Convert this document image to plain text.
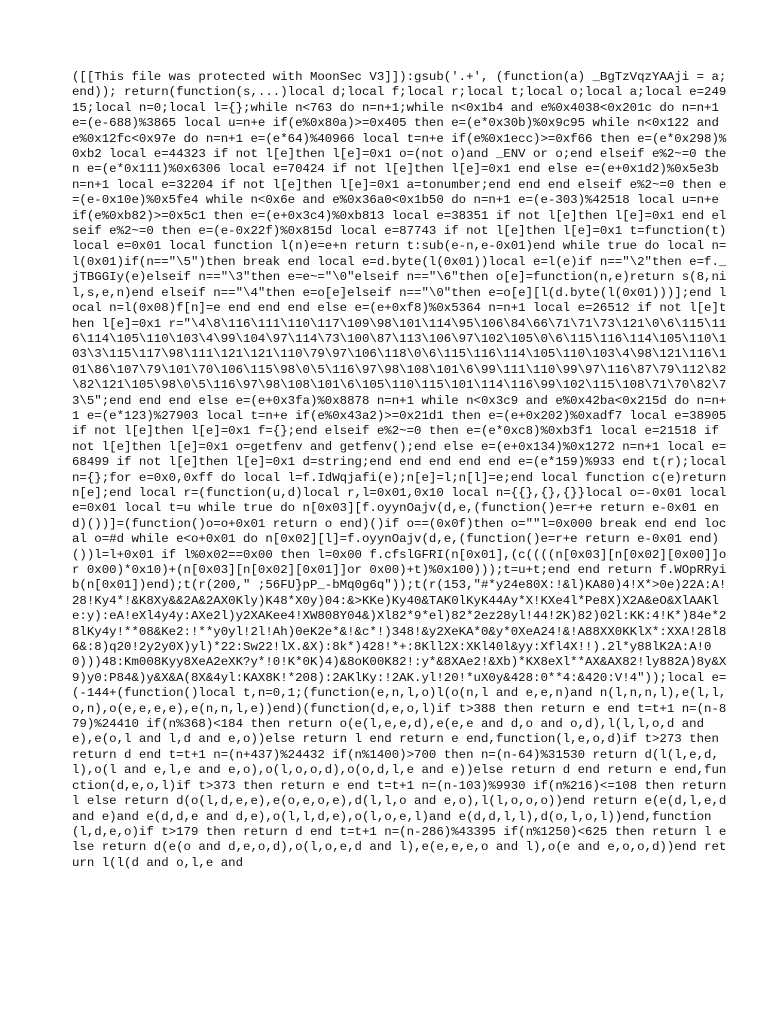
([[This file was protected with MoonSec V3]]):gsub('.+', (function(a) _BgTzVqzYAAji = a; end)); return(function(s,...)local d;local f;local r;local t;local o;local a;local e=24915;local n=0;local l={};while n<763 do n=n+1;while n<0x1b4 and e%0x4038<0x201c do n=n+1 e=(e-688)%3865 local u=n+e if(e%0x80a)>=0x405 then e=(e*0x30b)%0x9c95 while n<0x122 and e%0x12fc<0x97e do n=n+1 e=(e*64)%40966 local t=n+e if(e%0x1ecc)>=0xf66 then e=(e*0x298)%0xb2 local e=44323 if not l[e]then l[e]=0x1 o=(not o)and _ENV or o;end elseif e%2~=0 then e=(e*0x111)%0x6306 local e=70424 if not l[e]then l[e]=0x1 end else e=(e+0x1d2)%0x5e3b n=n+1 local e=32204 if not l[e]then l[e]=0x1 a=tonumber;end end end elseif e%2~=0 then e=(e-0x10e)%0x5fe4 while n<0x6e and e%0x36a0<0x1b50 do n=n+1 e=(e-303)%42518 local u=n+e if(e%0xb82)>=0x5c1 then e=(e+0x3c4)%0xb813 local e=38351 if not l[e]then l[e]=0x1 end elseif e%2~=0 then e=(e-0x22f)%0x815d local e=87743 if not l[e]then l[e]=0x1 t=function(t)local e=0x01 local function l(n)e=e+n return t:sub(e-n,e-0x01)end while true do local n=l(0x01)if(n=="\5")then break end local e=d.byte(l(0x01))local e=l(e)if n=="\2"then e=f._jTBGGIy(e)elseif n=="\3"then e=e~="\0"elseif n=="\6"then o[e]=function(n,e)return s(8,nil,s,e,n)end elseif n=="\4"then e=o[e]elseif n=="\0"then e=o[e][l(d.byte(l(0x01)))];end local n=l(0x08)f[n]=e end end end else e=(e+0xf8)%0x5364 n=n+1 local e=26512 if not l[e]then l[e]=0x1 r="\4\8\116\111\110\117\109\98\101\114\95\106\84\66\71\71\73\121\0\6\115\116\114\105\110\103\4\99\104\97\114\73\100\87\113\106\97\102\105\0\6\115\116\114\105\110\103\3\115\117\98\111\121\121\110\79\97\106\118\0\6\115\116\114\105\110\103\4\98\121\116\101\86\107\79\101\70\106\115\98\0\5\116\97\98\108\101\6\99\111\110\99\97\116\87\79\112\82\82\121\105\98\0\5\116\97\98\108\101\6\105\110\115\101\114\116\99\102\115\108\71\70\82\73\5";end end end else e=(e+0x3fa)%0x8878 n=n+1 while n<0x3c9 and e%0x42ba<0x215d do n=n+1 e=(e*123)%27903 local t=n+e if(e%0x43a2)>=0x21d1 then e=(e+0x202)%0xadf7 local e=38905 if not l[e]then l[e]=0x1 f={};end elseif e%2~=0 then e=(e*0xc8)%0xb3f1 local e=21518 if not l[e]then l[e]=0x1 o=getfenv and getfenv();end else e=(e+0x134)%0x1272 n=n+1 local e=68499 if not l[e]then l[e]=0x1 d=string;end end end end end e=(e*159)%933 end t(r);local n={};for e=0x0,0xff do local l=f.IdWqjafi(e);n[e]=l;n[l]=e;end local function c(e)return n[e];end local r=(function(u,d)local r,l=0x01,0x10 local n={{},{},{}}local o=-0x01 local e=0x01 local t=u while true do n[0x03][f.oyynOajv(d,e,(function()e=r+e return e-0x01 end)())]=(function()o=o+0x01 return o end)()if o==(0x0f)then o=""l=0x000 break end end local o=#d while e<o+0x01 do n[0x02][l]=f.oyynOajv(d,e,(function()e=r+e return e-0x01 end)())l=l+0x01 if l%0x02==0x00 then l=0x00 f.cfslGFRI(n[0x01],(c((((n[0x03][n[0x02][0x00]]or 0x00)*0x10)+(n[0x03][n[0x02][0x01]]or 0x00)+t)%0x100)));t=u+t;end end return f.WOpRRyib(n[0x01])end);t(r(200," ;56FU}pP_-bMq0g6q"));t(r(153,"#*y24e80X:!&l)KA80)4!X*>0e)22A:A!28!Ky4*!&K8Xy&&2A&2AX0Kly)K48*X0y)04:&>KKe)Ky40&TAK0lKyK44Ay*X!KXe4l*Pe8X)X2A&eO&XlAAKle:y):eA!eXl4y4y:AXe2l)y2XAKee4!XW808Y04&)Xl82*9*el)82*2ez28yl!44!2K)82)02l:KK:4!K*)84e*28lKy4y!**08&Ke2:!**y0yl!2l!Ah)0eK2e*&!&c*!)348!&y2XeKA*0&y*0XeA24!&!A88XX0KKlX*:XXA!28l86&:8)q20!2y2y0X)yl)*22:Sw22!lX.&X):8k*)428!*+:8Kll2X:XKl40l&yy:Xfl4X!!).2l*y88lK2A:A!00)))48:Km008Kyy8XeA2eXK?y*!0!K*0K)4)&8oK00K82!:y*&8XAe2!&Xb)*KX8eXl**AX&AX82!ly882A)8y&X9)y0:P84&)y&X&A(8X&4yl:KAX8K!*208):2AKlKy:!2AK.yl!20!*uX0y&428:0**4:&420:V!4"));local e=(-144+(function()local t,n=0,1;(function(e,n,l,o)l(o(n,l and e,e,n)and n(l,n,n,l),e(l,l,o,n),o(e,e,e,e),e(n,n,l,e))end)(function(d,e,o,l)if t>388 then return e end t=t+1 n=(n-879)%24410 if(n%368)<184 then return o(e(l,e,e,d),e(e,e and d,o and o,d),l(l,l,o,d and e),e(o,l and l,d and e,o))else return l end return e end,function(l,e,o,d)if t>273 then return d end t=t+1 n=(n+437)%24432 if(n%1400)>700 then n=(n-64)%31530 return d(l(l,e,d,l),o(l and e,l,e and e,o),o(l,o,o,d),o(o,d,l,e and e))else return d end return e end,function(d,e,o,l)if t>373 then return e end t=t+1 n=(n-103)%9930 if(n%216)<=108 then return l else return d(o(l,d,e,e),e(o,e,o,e),d(l,l,o and e,o),l(l,o,o,o))end return e(e(d,l,e,d and e)and e(d,d,e and d,e),o(l,l,d,e),o(l,o,e,l)and e(d,d,l,l),d(o,l,o,l))end,function(l,d,e,o)if t>179 then return d end t=t+1 n=(n-286)%43395 if(n%1250)<625 then return l else return d(e(o and d,e,o,d),o(l,o,e,d and l),e(e,e,e,o and l),o(e and e,o,o,d))end return l(l(d and o,l,e and
